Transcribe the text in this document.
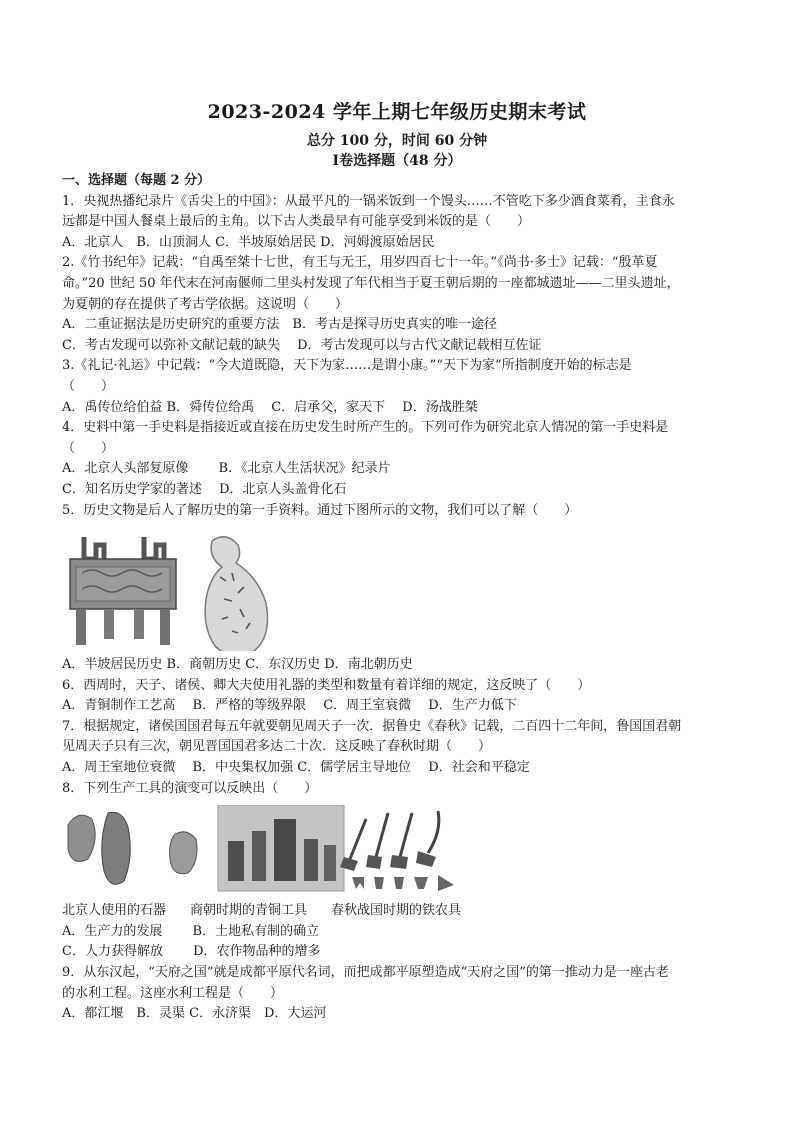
2023-2024 学年上期七年级历史期末考试
总分 100 分，时间 60 分钟
Ⅰ卷选择题（48 分）

一、选择题（每题 2 分）

1．央视热播纪录片《舌尖上的中国》：从最平凡的一锅米饭到一个馒头……不管吃下多少酒食菜肴，主食永

远都是中国人餐桌上最后的主角。以下古人类最早有可能享受到米饭的是（　　）

A．北京人　B．山顶洞人 C．半坡原始居民 D．河姆渡原始居民

2.《竹书纪年》记载：“自禹至桀十七世，有王与无王，用岁四百七十一年。”《尚书·多士》记载：“殷革夏

命。”20 世纪 50 年代末在河南偃师二里头村发现了年代相当于夏王朝后期的一座都城遗址——二里头遗址，

为夏朝的存在提供了考古学依据。这说明（　　）

A．二重证据法是历史研究的重要方法　B．考古是探寻历史真实的唯一途径

C．考古发现可以弥补文献记载的缺失　 D．考古发现可以与古代文献记载相互佐证

3.《礼记·礼运》中记载：“今大道既隐，天下为家……是谓小康。”“天下为家”所指制度开始的标志是

（　　）

A．禹传位给伯益 B．舜传位给禹　 C．启承父，家天下　 D．汤战胜桀

4．史料中第一手史料是指接近或直接在历史发生时所产生的。下列可作为研究北京人情况的第一手史料是

（　　）

A．北京人头部复原像　　 B．《北京人生活状况》纪录片

C．知名历史学家的著述　 D．北京人头盖骨化石

5．历史文物是后人了解历史的第一手资料。通过下图所示的文物，我们可以了解（　　）

A．半坡居民历史 B．商朝历史 C．东汉历史 D．南北朝历史

6．西周时，天子、诸侯、卿大夫使用礼器的类型和数量有着详细的规定，这反映了（　　）

A．青铜制作工艺高　 B．严格的等级界限　 C．周王室衰微　 D．生产力低下

7．根据规定，诸侯国国君每五年就要朝见周天子一次．据鲁史《春秋》记载，二百四十二年间，鲁国国君朝

见周天子只有三次，朝见晋国国君多达二十次．这反映了春秋时期（　　）

A．周王室地位衰微　 B．中央集权加强 C．儒学居主导地位　 D．社会和平稳定

8．下列生产工具的演变可以反映出（　　）

北京人使用的石器 商朝时期的青铜工具 春秋战国时期的铁农具

A．生产力的发展　　 B．土地私有制的确立

C．人力获得解放　　 D．农作物品种的增多

9．从东汉起，“天府之国”就是成都平原代名词，而把成都平原塑造成“天府之国”的第一推动力是一座古老

的水利工程。这座水利工程是（　　）

A．都江堰　B．灵渠 C．永济渠　D．大运河
